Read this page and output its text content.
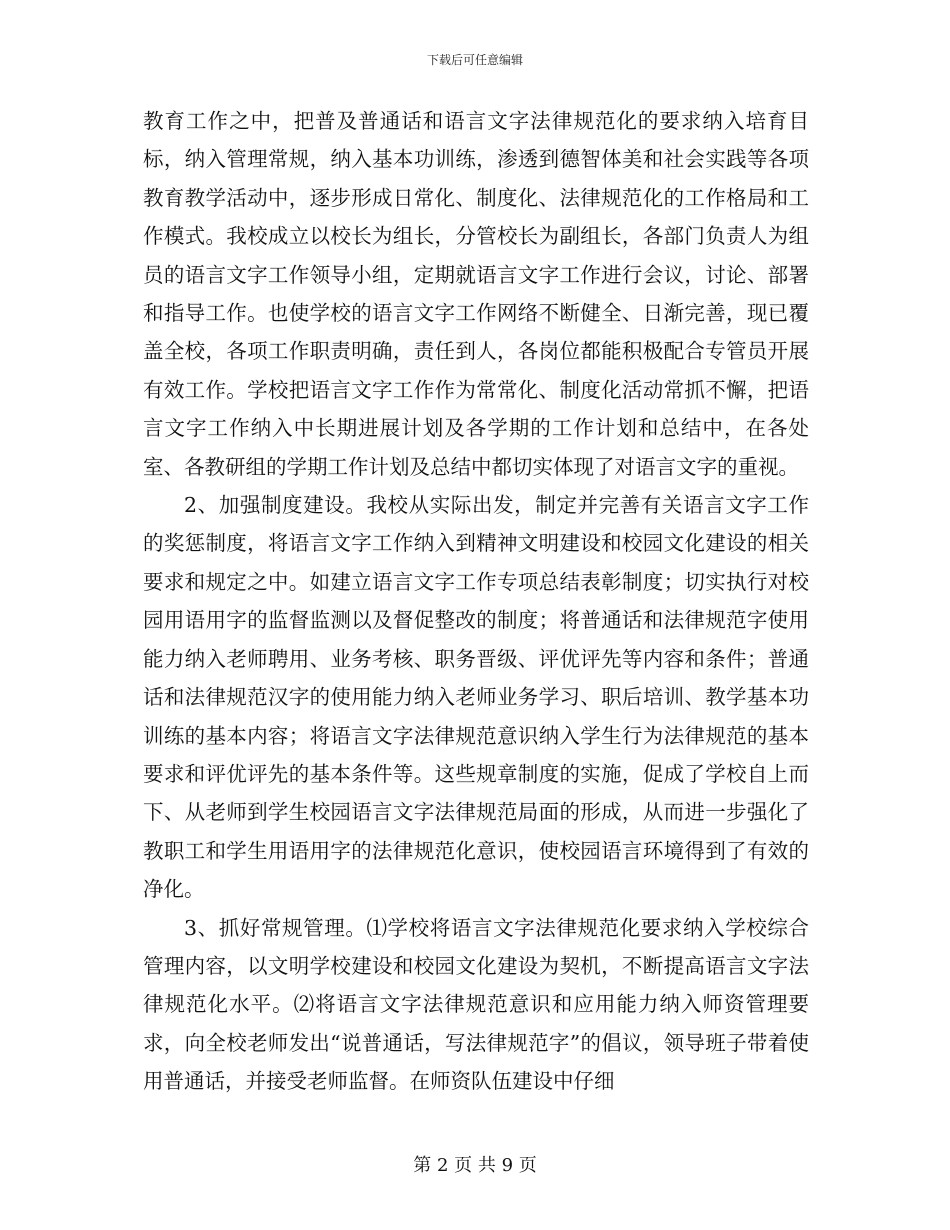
下载后可任意编辑

教育工作之中，把普及普通话和语言文字法律规范化的要求纳入培育目标，纳入管理常规，纳入基本功训练，渗透到德智体美和社会实践等各项教育教学活动中，逐步形成日常化、制度化、法律规范化的工作格局和工作模式。我校成立以校长为组长，分管校长为副组长，各部门负责人为组员的语言文字工作领导小组，定期就语言文字工作进行会议，讨论、部署和指导工作。也使学校的语言文字工作网络不断健全、日渐完善，现已覆盖全校，各项工作职责明确，责任到人，各岗位都能积极配合专管员开展有效工作。学校把语言文字工作作为常常化、制度化活动常抓不懈，把语言文字工作纳入中长期进展计划及各学期的工作计划和总结中，在各处室、各教研组的学期工作计划及总结中都切实体现了对语言文字的重视。

2、加强制度建设。我校从实际出发，制定并完善有关语言文字工作的奖惩制度，将语言文字工作纳入到精神文明建设和校园文化建设的相关要求和规定之中。如建立语言文字工作专项总结表彰制度；切实执行对校园用语用字的监督监测以及督促整改的制度；将普通话和法律规范字使用能力纳入老师聘用、业务考核、职务晋级、评优评先等内容和条件；普通话和法律规范汉字的使用能力纳入老师业务学习、职后培训、教学基本功训练的基本内容；将语言文字法律规范意识纳入学生行为法律规范的基本要求和评优评先的基本条件等。这些规章制度的实施，促成了学校自上而下、从老师到学生校园语言文字法律规范局面的形成，从而进一步强化了教职工和学生用语用字的法律规范化意识，使校园语言环境得到了有效的净化。

3、抓好常规管理。⑴学校将语言文字法律规范化要求纳入学校综合管理内容，以文明学校建设和校园文化建设为契机，不断提高语言文字法律规范化水平。⑵将语言文字法律规范意识和应用能力纳入师资管理要求，向全校老师发出“说普通话，写法律规范字”的倡议，领导班子带着使用普通话，并接受老师监督。在师资队伍建设中仔细

第 2 页 共 9 页
